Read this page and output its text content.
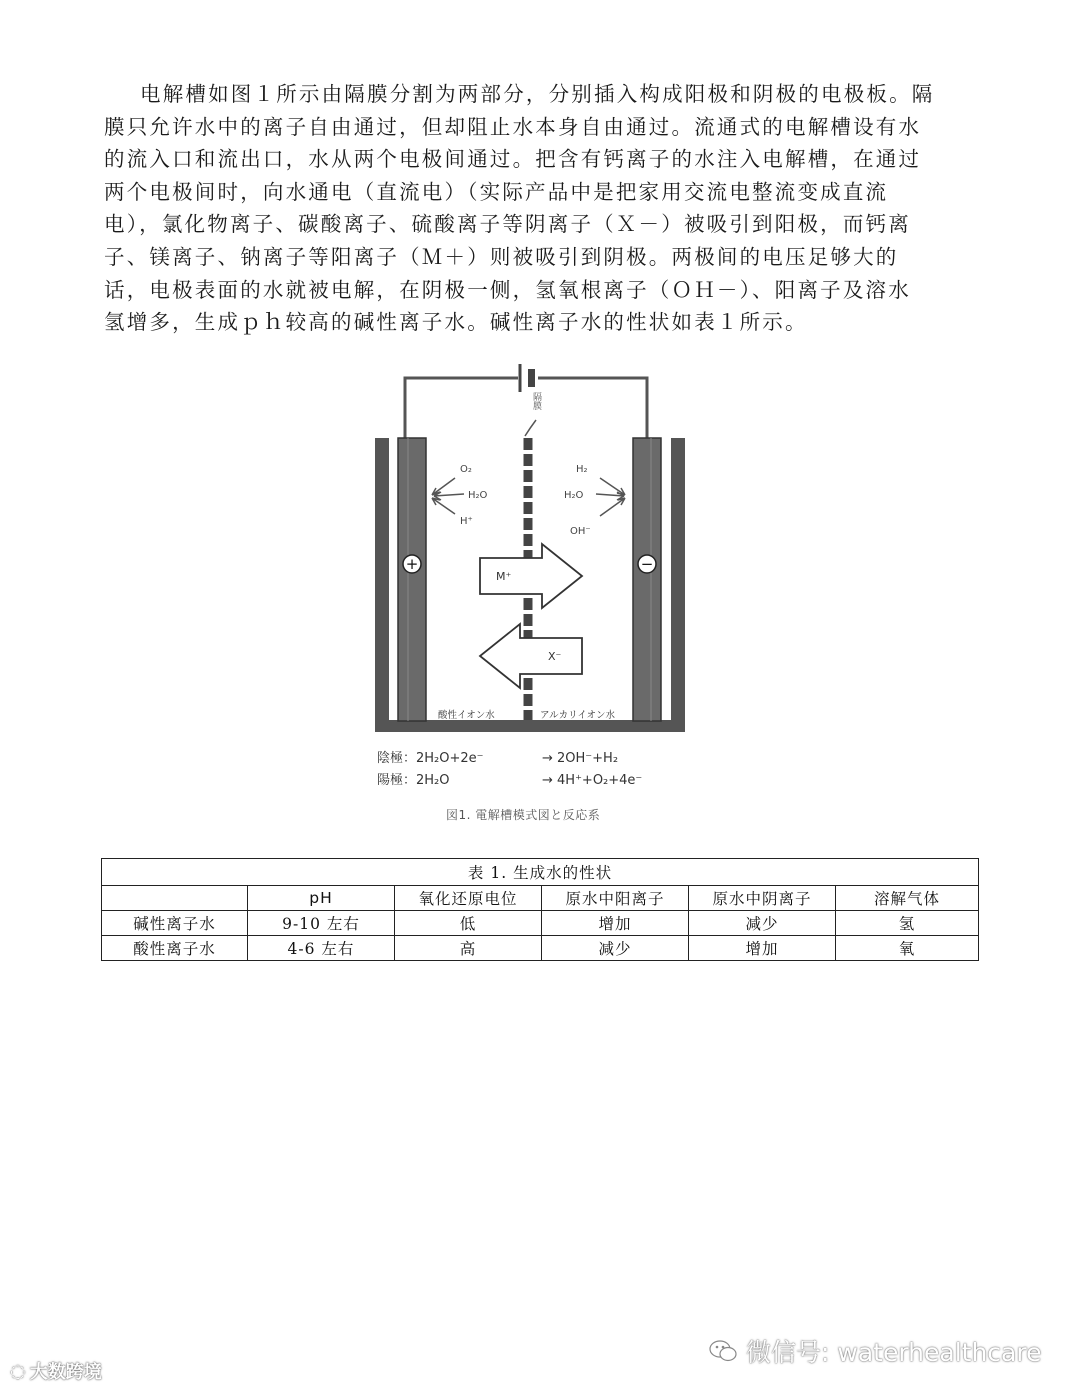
电解槽如图１所示由隔膜分割为两部分，分别插入构成阳极和阴极的电极板。隔
膜只允许水中的离子自由通过，但却阻止水本身自由通过。流通式的电解槽设有水
的流入口和流出口，水从两个电极间通过。把含有钙离子的水注入电解槽，在通过
两个电极间时，向水通电（直流电）（实际产品中是把家用交流电整流变成直流
电），氯化物离子、碳酸离子、硫酸离子等阴离子（Ｘ－）被吸引到阳极，而钙离
子、镁离子、钠离子等阳离子（Ｍ＋）则被吸引到阴极。两极间的电压足够大的
话，电极表面的水就被电解，在阴极一侧，氢氧根离子（ＯＨ－）、阳离子及溶水
氢增多，生成ｐｈ较高的碱性离子水。碱性离子水的性状如表１所示。
隔膜
+	−
O₂
H₂O
H⁺
H₂
H₂O
OH⁻
M⁺
X⁻
酸性イオン水	アルカリイオン水
陰極：2H₂O+2e⁻	→ 2OH⁻+H₂
陽極：2H₂O	→ 4H⁺+O₂+4e⁻
図1. 電解槽模式図と反応系
表 1. 生成水的性状					
	pH	氧化还原电位	原水中阳离子	原水中阴离子	溶解气体
碱性离子水	9-10 左右	低	增加	减少	氢
酸性离子水	4-6 左右	高	减少	增加	氧
◌ 大数跨境
微信号: waterhealthcare
